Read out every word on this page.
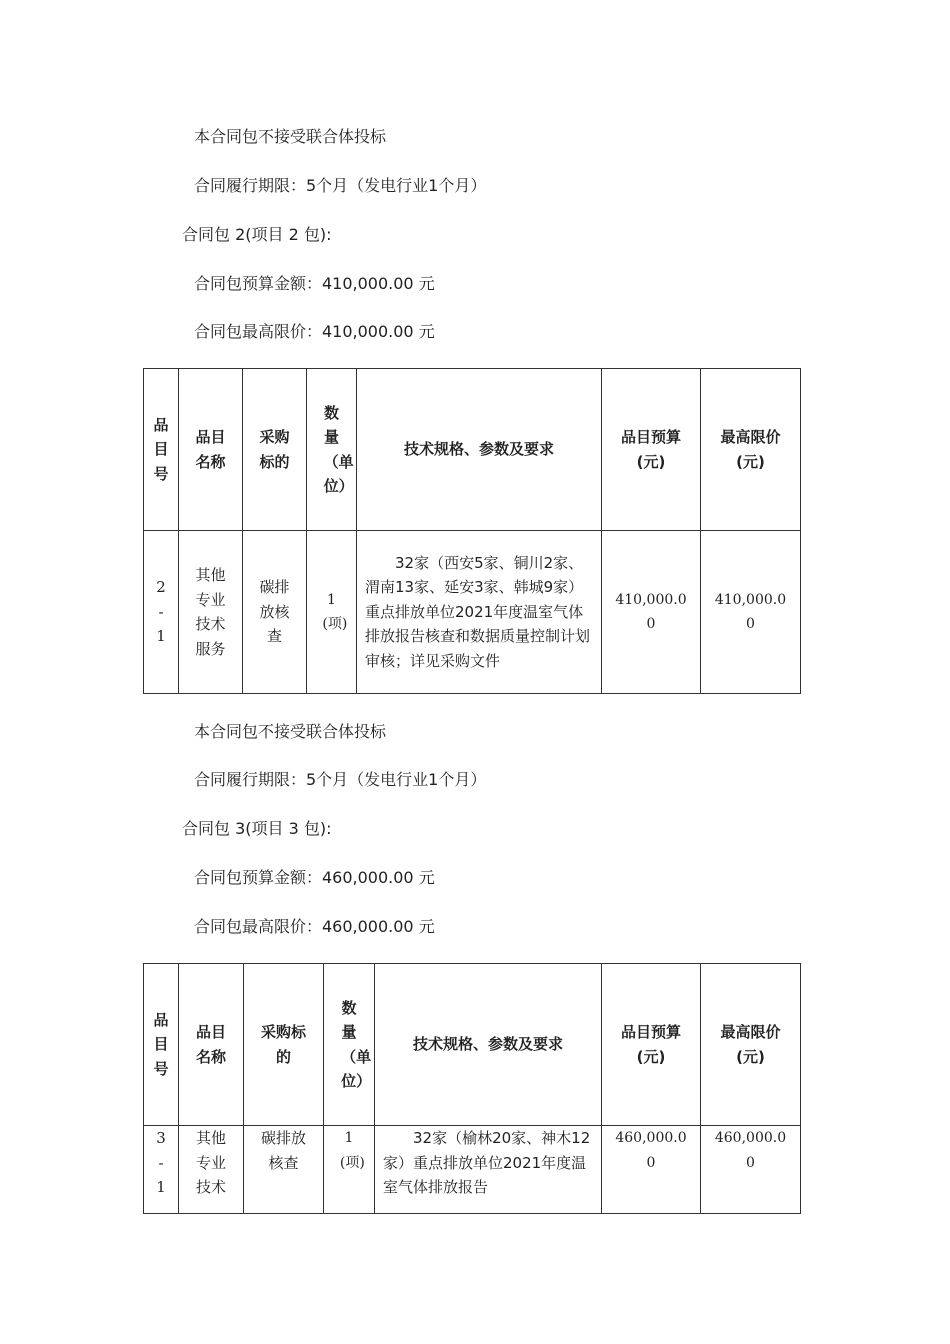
本合同包不接受联合体投标
合同履行期限：5个月（发电行业1个月）
合同包 2(项目 2 包):
合同包预算金额：410,000.00 元
合同包最高限价：410,000.00 元
品目号	品目名称	采购标的	数量（单位）	技术规格、参数及要求	品目预算(元)	最高限价(元)
2-1	其他专业技术服务	碳排放核查	1(项)	32家（西安5家、铜川2家、渭南13家、延安3家、韩城9家）重点排放单位2021年度温室气体排放报告核查和数据质量控制计划审核；详见采购文件	410,000.00	410,000.00
本合同包不接受联合体投标
合同履行期限：5个月（发电行业1个月）
合同包 3(项目 3 包):
合同包预算金额：460,000.00 元
合同包最高限价：460,000.00 元
品目号	品目名称	采购标的	数量（单位）	技术规格、参数及要求	品目预算(元)	最高限价(元)
3-1	其他专业技术	碳排放核查	1(项)	32家（榆林20家、神木12家）重点排放单位2021年度温室气体排放报告	460,000.00	460,000.00
